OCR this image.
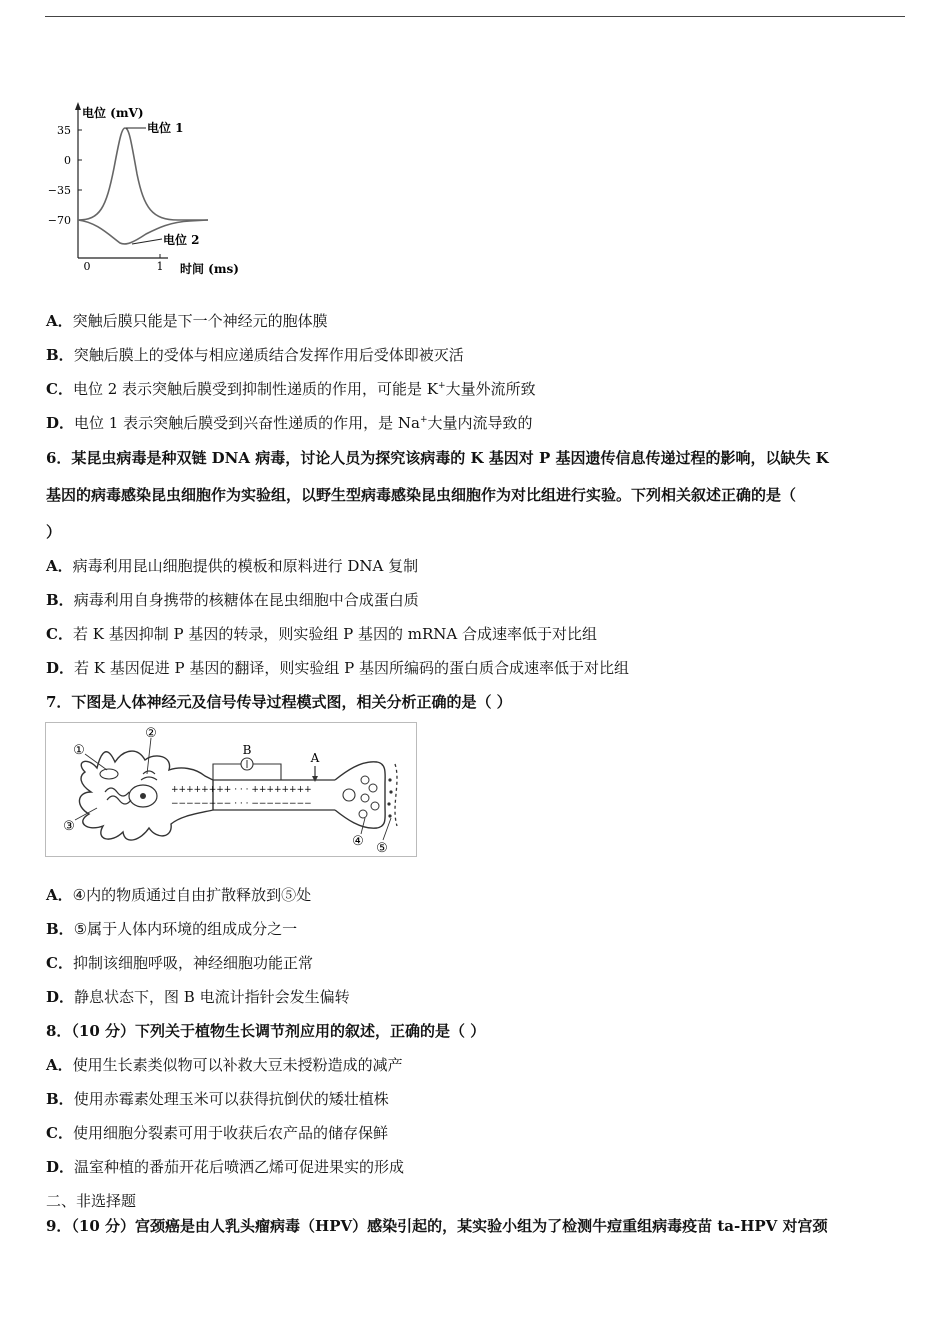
35
0
−35
−70
0	1
电位 (mV)
时间 (ms)
电位 1
电位 2
A．突触后膜只能是下一个神经元的胞体膜
B．突触后膜上的受体与相应递质结合发挥作用后受体即被灭活
C．电位 2 表示突触后膜受到抑制性递质的作用，可能是 K+大量外流所致
D．电位 1 表示突触后膜受到兴奋性递质的作用，是 Na+大量内流导致的
6．某昆虫病毒是种双链 DNA 病毒，讨论人员为探究该病毒的 K 基因对 P 基因遗传信息传递过程的影响，以缺失 K
基因的病毒感染昆虫细胞作为实验组，以野生型病毒感染昆虫细胞作为对比组进行实验。下列相关叙述正确的是（
）
A．病毒利用昆山细胞提供的模板和原料进行 DNA 复制
B．病毒利用自身携带的核糖体在昆虫细胞中合成蛋白质
C．若 K 基因抑制 P 基因的转录，则实验组 P 基因的 mRNA 合成速率低于对比组
D．若 K 基因促进 P 基因的翻译，则实验组 P 基因所编码的蛋白质合成速率低于对比组
7．下图是人体神经元及信号传导过程模式图，相关分析正确的是（ ）
++++++++ · · · ++++++++
−−−−−−−− · · · −−−−−−−−
B
A
①
②
③
④ ⑤
A．④内的物质通过自由扩散释放到⑤处
B．⑤属于人体内环境的组成成分之一
C．抑制该细胞呼吸，神经细胞功能正常
D．静息状态下，图 B 电流计指针会发生偏转
8．（10 分）下列关于植物生长调节剂应用的叙述，正确的是（ ）
A．使用生长素类似物可以补救大豆未授粉造成的减产
B．使用赤霉素处理玉米可以获得抗倒伏的矮壮植株
C．使用细胞分裂素可用于收获后农产品的储存保鲜
D．温室种植的番茄开花后喷洒乙烯可促进果实的形成
二、非选择题
9．（10 分）宫颈癌是由人乳头瘤病毒（HPV）感染引起的，某实验小组为了检测牛痘重组病毒疫苗 ta-HPV 对宫颈
